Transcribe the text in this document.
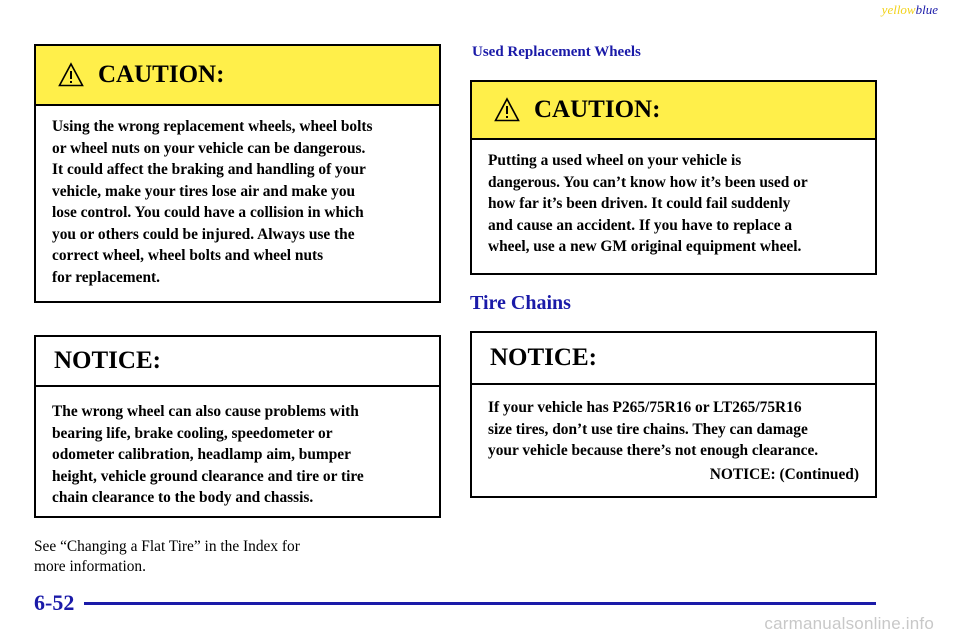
yellowblue
CAUTION:
Using the wrong replacement wheels, wheel bolts
or wheel nuts on your vehicle can be dangerous.
It could affect the braking and handling of your
vehicle, make your tires lose air and make you
lose control. You could have a collision in which
you or others could be injured. Always use the
correct wheel, wheel bolts and wheel nuts
for replacement.
NOTICE:
The wrong wheel can also cause problems with
bearing life, brake cooling, speedometer or
odometer calibration, headlamp aim, bumper
height, vehicle ground clearance and tire or tire
chain clearance to the body and chassis.
See “Changing a Flat Tire” in the Index for
more information.
Used Replacement Wheels
CAUTION:
Putting a used wheel on your vehicle is
dangerous. You can’t know how it’s been used or
how far it’s been driven. It could fail suddenly
and cause an accident. If you have to replace a
wheel, use a new GM original equipment wheel.
Tire Chains
NOTICE:
If your vehicle has P265/75R16 or LT265/75R16
size tires, don’t use tire chains. They can damage
your vehicle because there’s not enough clearance.
NOTICE: (Continued)
6-52
carmanualsonline.info
